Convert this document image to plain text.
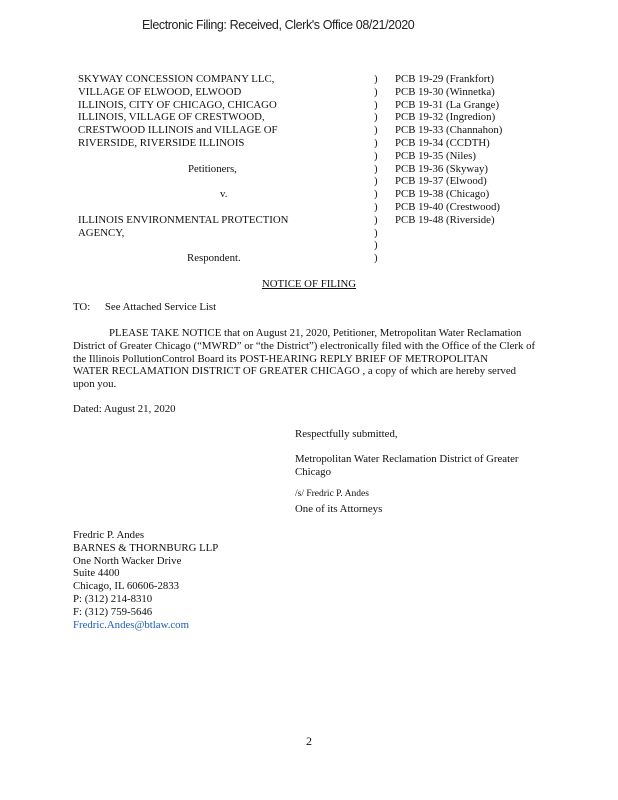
Electronic Filing: Received, Clerk's Office 08/21/2020
SKYWAY CONCESSION COMPANY LLC,
VILLAGE OF ELWOOD, ELWOOD
ILLINOIS, CITY OF CHICAGO, CHICAGO
ILLINOIS, VILLAGE OF CRESTWOOD,
CRESTWOOD ILLINOIS and VILLAGE OF
RIVERSIDE, RIVERSIDE ILLINOIS
Petitioners,
v.
ILLINOIS ENVIRONMENTAL PROTECTION
AGENCY,
Respondent.
)
)
)
)
)
)
)
)
)
)
)
)
)
)
)
PCB 19-29 (Frankfort)
PCB 19-30 (Winnetka)
PCB 19-31 (La Grange)
PCB 19-32 (Ingredion)
PCB 19-33 (Channahon)
PCB 19-34 (CCDTH)
PCB 19-35 (Niles)
PCB 19-36 (Skyway)
PCB 19-37 (Elwood)
PCB 19-38 (Chicago)
PCB 19-40 (Crestwood)
PCB 19-48 (Riverside)
NOTICE OF FILING
TO: See Attached Service List
PLEASE TAKE NOTICE that on August 21, 2020, Petitioner, Metropolitan Water Reclamation
District of Greater Chicago (“MWRD” or “the District”) electronically filed with the Office of the Clerk of
the Illinois PollutionControl Board its POST-HEARING REPLY BRIEF OF METROPOLITAN
WATER RECLAMATION DISTRICT OF GREATER CHICAGO , a copy of which are hereby served
upon you.
Dated: August 21, 2020
Respectfully submitted,
Metropolitan Water Reclamation District of Greater
Chicago
/s/ Fredric P. Andes
One of its Attorneys
Fredric P. Andes
BARNES & THORNBURG LLP
One North Wacker Drive
Suite 4400
Chicago, IL 60606-2833
P: (312) 214-8310
F: (312) 759-5646
Fredric.Andes@btlaw.com
2
